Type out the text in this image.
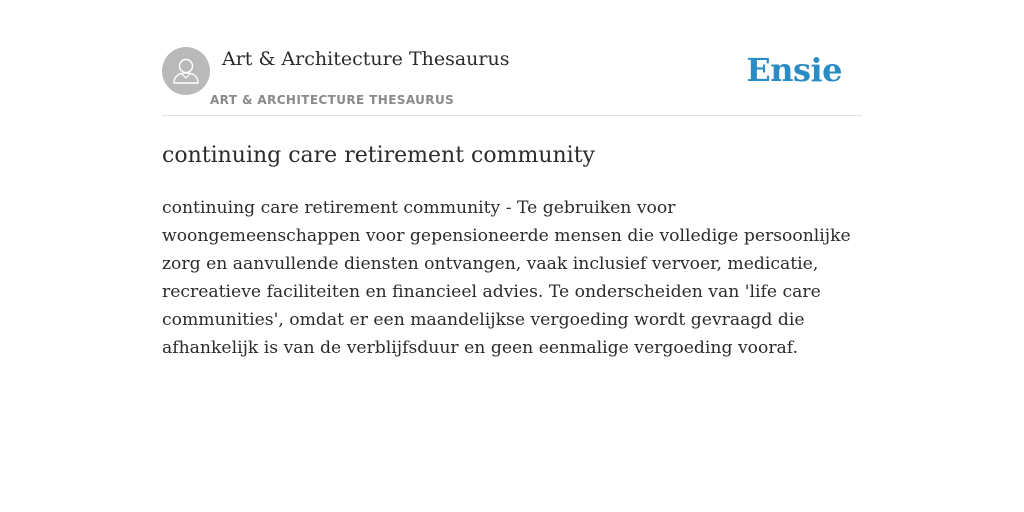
Art & Architecture Thesaurus
ART & ARCHITECTURE THESAURUS
Ensie
continuing care retirement community

continuing care retirement community - Te gebruiken voor woongemeenschappen voor gepensioneerde mensen die volledige persoonlijke zorg en aanvullende diensten ontvangen, vaak inclusief vervoer, medicatie, recreatieve faciliteiten en financieel advies. Te onderscheiden van 'life care communities', omdat er een maandelijkse vergoeding wordt gevraagd die afhankelijk is van de verblijfsduur en geen eenmalige vergoeding vooraf.
